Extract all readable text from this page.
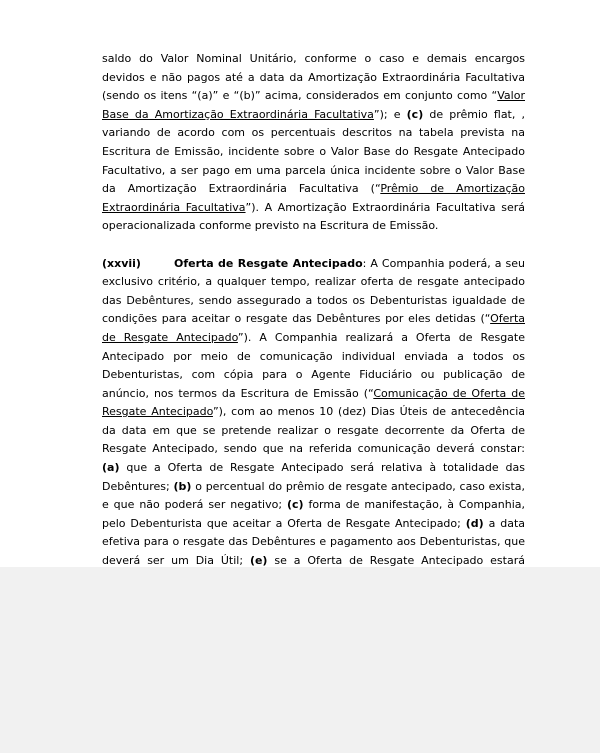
saldo do Valor Nominal Unitário, conforme o caso e demais encargos devidos e não pagos até a data da Amortização Extraordinária Facultativa (sendo os itens “(a)” e “(b)” acima, considerados em conjunto como “Valor Base da Amortização Extraordinária Facultativa”); e (c) de prêmio flat, , variando de acordo com os percentuais descritos na tabela prevista na Escritura de Emissão, incidente sobre o Valor Base do Resgate Antecipado Facultativo, a ser pago em uma parcela única incidente sobre o Valor Base da Amortização Extraordinária Facultativa (“Prêmio de Amortização Extraordinária Facultativa”). A Amortização Extraordinária Facultativa será operacionalizada conforme previsto na Escritura de Emissão.

(xxvii)	Oferta de Resgate Antecipado: A Companhia poderá, a seu exclusivo critério, a qualquer tempo, realizar oferta de resgate antecipado das Debêntures, sendo assegurado a todos os Debenturistas igualdade de condições para aceitar o resgate das Debêntures por eles detidas (“Oferta de Resgate Antecipado”). A Companhia realizará a Oferta de Resgate Antecipado por meio de comunicação individual enviada a todos os Debenturistas, com cópia para o Agente Fiduciário ou publicação de anúncio, nos termos da Escritura de Emissão (“Comunicação de Oferta de Resgate Antecipado”), com ao menos 10 (dez) Dias Úteis de antecedência da data em que se pretende realizar o resgate decorrente da Oferta de Resgate Antecipado, sendo que na referida comunicação deverá constar: (a) que a Oferta de Resgate Antecipado será relativa à totalidade das Debêntures; (b) o percentual do prêmio de resgate antecipado, caso exista, e que não poderá ser negativo; (c) forma de manifestação, à Companhia, pelo Debenturista que aceitar a Oferta de Resgate Antecipado; (d) a data efetiva para o resgate das Debêntures e pagamento aos Debenturistas, que deverá ser um Dia Útil; (e) se a Oferta de Resgate Antecipado estará
